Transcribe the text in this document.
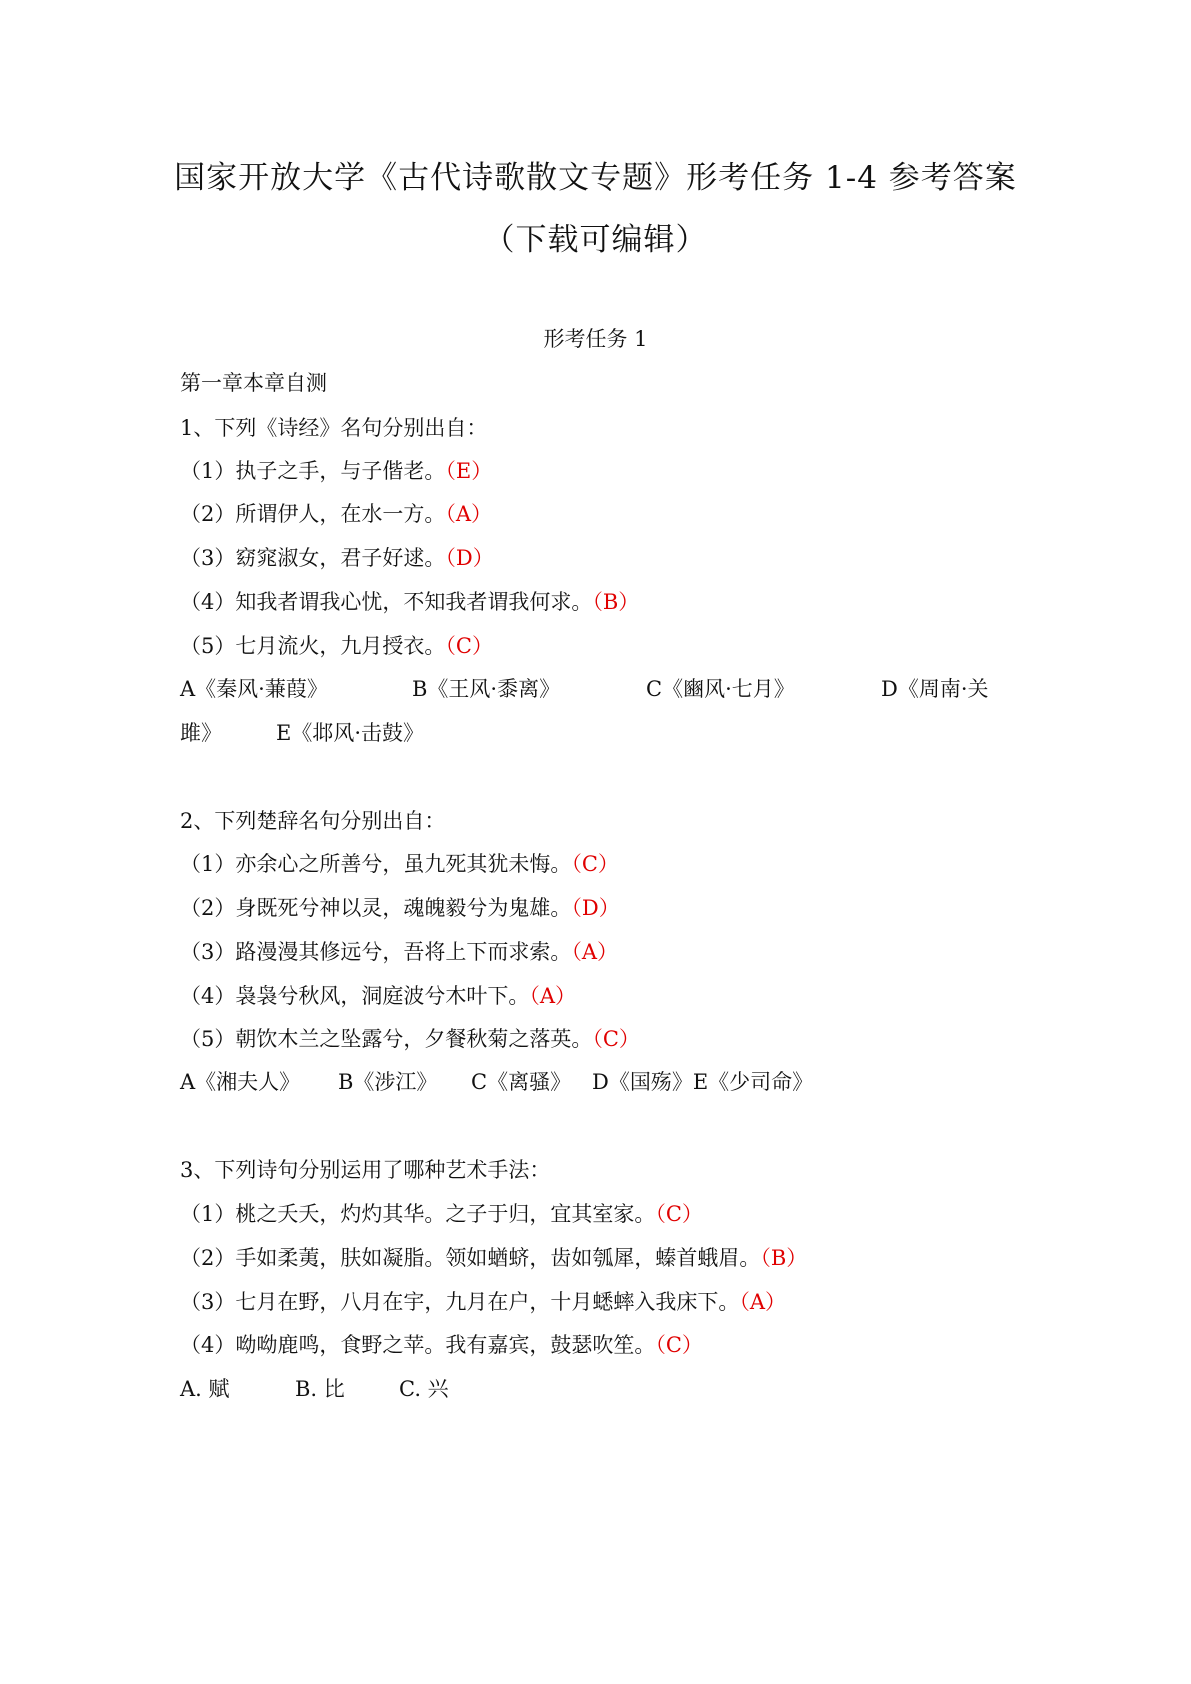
国家开放大学《古代诗歌散文专题》形考任务 1-4 参考答案
（下载可编辑）
形考任务 1
第一章本章自测
1、下列《诗经》名句分别出自：
（1）执子之手，与子偕老。（E）
（2）所谓伊人，在水一方。（A）
（3）窈窕淑女，君子好逑。（D）
（4）知我者谓我心忧，不知我者谓我何求。（B）
（5）七月流火，九月授衣。（C）
A《秦风·蒹葭》	B《王风·黍离》	C《豳风·七月》	D《周南·关
雎》	E《邶风·击鼓》
2、下列楚辞名句分别出自：
（1）亦余心之所善兮，虽九死其犹未悔。（C）
（2）身既死兮神以灵，魂魄毅兮为鬼雄。（D）
（3）路漫漫其修远兮，吾将上下而求索。（A）
（4）袅袅兮秋风，洞庭波兮木叶下。（A）
（5）朝饮木兰之坠露兮，夕餐秋菊之落英。（C）
A《湘夫人》 B《涉江》 C《离骚》 D《国殇》E《少司命》
3、下列诗句分别运用了哪种艺术手法：
（1）桃之夭夭，灼灼其华。之子于归，宜其室家。（C）
（2）手如柔荑，肤如凝脂。领如蝤蛴，齿如瓠犀，螓首蛾眉。（B）
（3）七月在野，八月在宇，九月在户，十月蟋蟀入我床下。（A）
（4）呦呦鹿鸣，食野之苹。我有嘉宾，鼓瑟吹笙。（C）
A. 赋	B. 比	C. 兴
